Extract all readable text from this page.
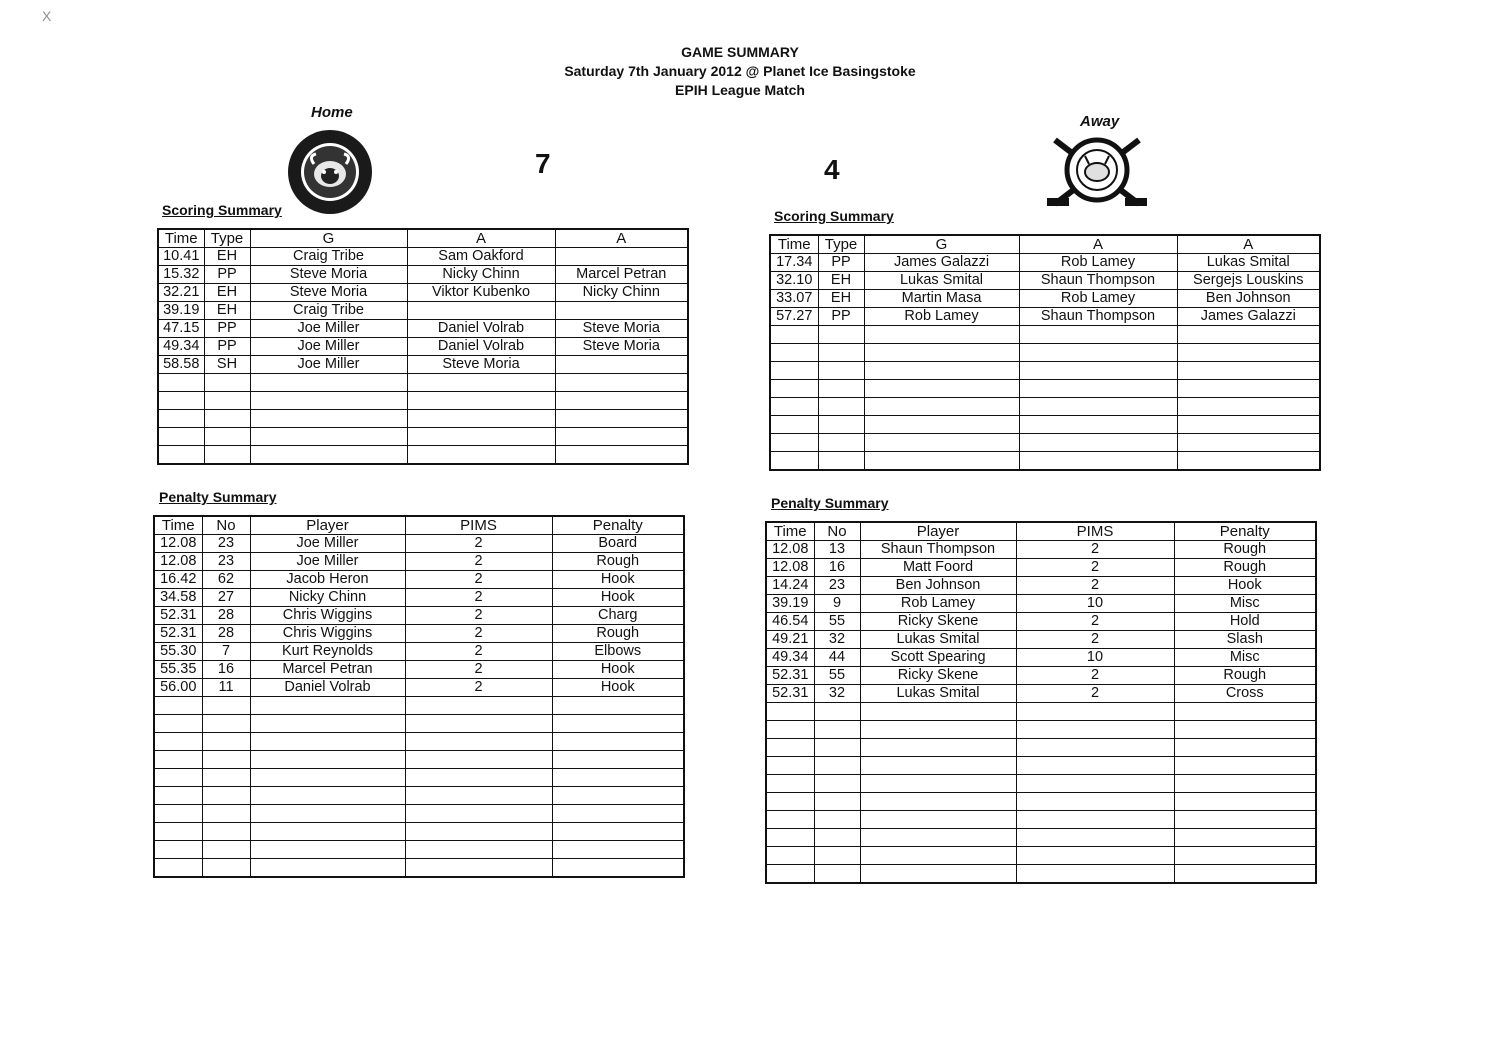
X
GAME SUMMARY
Saturday 7th January 2012 @ Planet Ice Basingstoke
EPIH League Match
Home
7
Scoring Summary
Time	Type	G	A	A
10.41	EH	Craig Tribe	Sam Oakford	
15.32	PP	Steve Moria	Nicky Chinn	Marcel Petran
32.21	EH	Steve Moria	Viktor Kubenko	Nicky Chinn
39.19	EH	Craig Tribe		
47.15	PP	Joe Miller	Daniel Volrab	Steve Moria
49.34	PP	Joe Miller	Daniel Volrab	Steve Moria
58.58	SH	Joe Miller	Steve Moria	

Penalty Summary
Time	No	Player	PIMS	Penalty
12.08	23	Joe Miller	2	Board
12.08	23	Joe Miller	2	Rough
16.42	62	Jacob Heron	2	Hook
34.58	27	Nicky Chinn	2	Hook
52.31	28	Chris Wiggins	2	Charg
52.31	28	Chris Wiggins	2	Rough
55.30	7	Kurt Reynolds	2	Elbows
55.35	16	Marcel Petran	2	Hook
56.00	11	Daniel Volrab	2	Hook

Away
4
Scoring Summary
Time	Type	G	A	A
17.34	PP	James Galazzi	Rob Lamey	Lukas Smital
32.10	EH	Lukas Smital	Shaun Thompson	Sergejs Louskins
33.07	EH	Martin Masa	Rob Lamey	Ben Johnson
57.27	PP	Rob Lamey	Shaun Thompson	James Galazzi

Penalty Summary
Time	No	Player	PIMS	Penalty
12.08	13	Shaun Thompson	2	Rough
12.08	16	Matt Foord	2	Rough
14.24	23	Ben Johnson	2	Hook
39.19	9	Rob Lamey	10	Misc
46.54	55	Ricky Skene	2	Hold
49.21	32	Lukas Smital	2	Slash
49.34	44	Scott Spearing	10	Misc
52.31	55	Ricky Skene	2	Rough
52.31	32	Lukas Smital	2	Cross
